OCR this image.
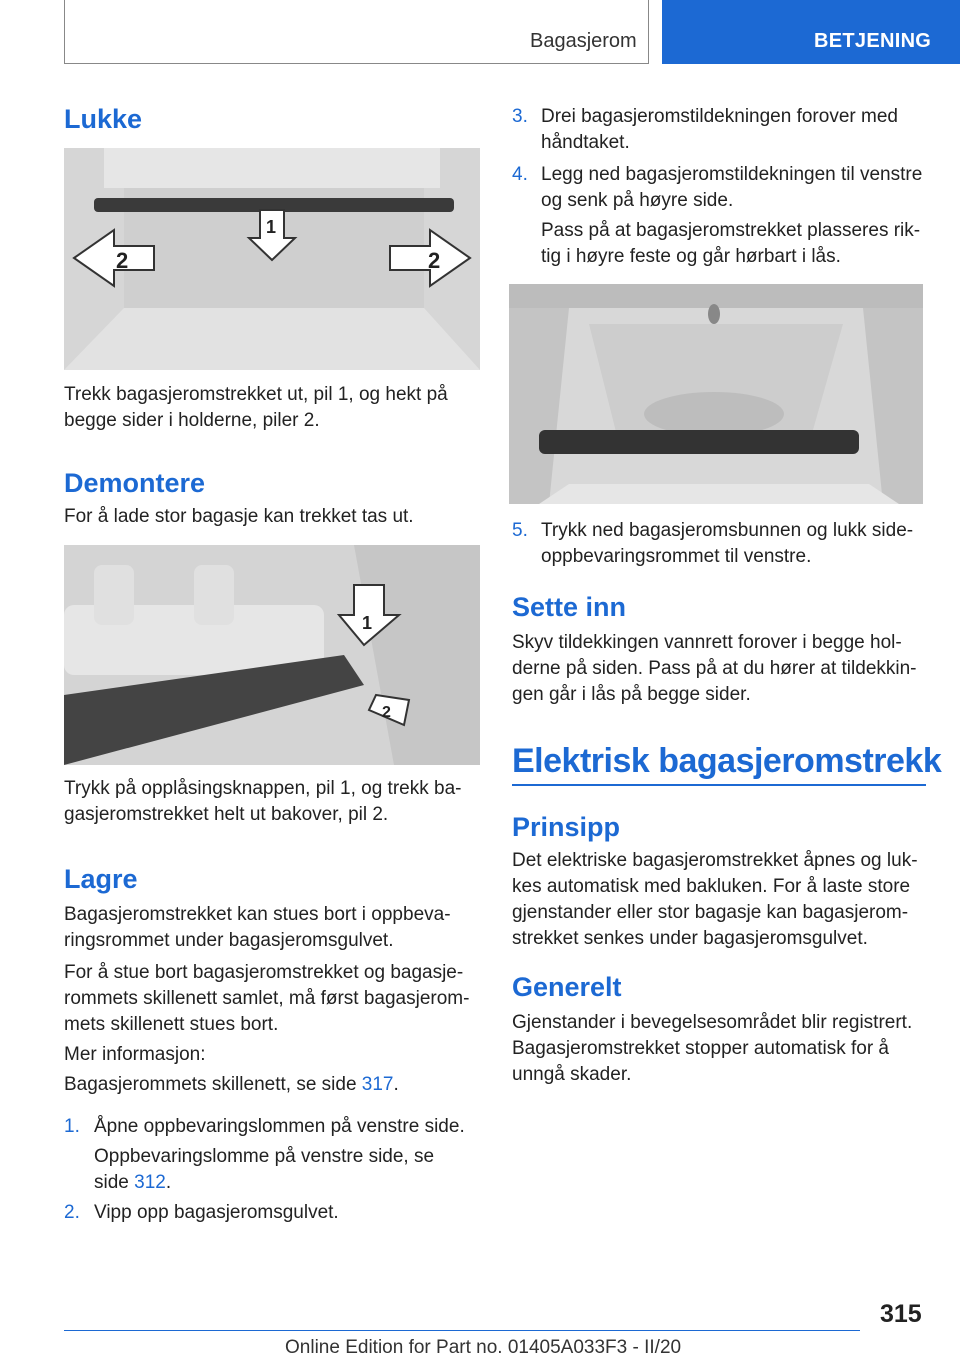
Bagasjerom	BETJENING
Lukke
2
1
2
Trekk bagasjeromstrekket ut, pil 1, og hekt på
begge sider i holderne, piler 2.
Demontere
For å lade stor bagasje kan trekket tas ut.
1
2
Trykk på opplåsingsknappen, pil 1, og trekk ba‐
gasjeromstrekket helt ut bakover, pil 2.
Lagre
Bagasjeromstrekket kan stues bort i oppbeva‐
ringsrommet under bagasjeromsgulvet.
For å stue bort bagasjeromstrekket og bagasje‐
rommets skillenett samlet, må først bagasjerom‐
mets skillenett stues bort.
Mer informasjon:
Bagasjerommets skillenett, se side 317.
1. Åpne oppbevaringslommen på venstre side.
Oppbevaringslomme på venstre side, se
side 312.
2. Vipp opp bagasjeromsgulvet.
3. Drei bagasjeromstildekningen forover med
håndtaket.
4. Legg ned bagasjeromstildekningen til venstre
og senk på høyre side.
Pass på at bagasjeromstrekket plasseres rik‐
tig i høyre feste og går hørbart i lås.
5. Trykk ned bagasjeromsbunnen og lukk side‐
oppbevaringsrommet til venstre.
Sette inn
Skyv tildekkingen vannrett forover i begge hol‐
derne på siden. Pass på at du hører at tildekkin‐
gen går i lås på begge sider.
Elektrisk bagasjeromstrekk
Prinsipp
Det elektriske bagasjeromstrekket åpnes og luk‐
kes automatisk med bakluken. For å laste store
gjenstander eller stor bagasje kan bagasjerom‐
strekket senkes under bagasjeromsgulvet.
Generelt
Gjenstander i bevegelsesområdet blir registrert.
Bagasjeromstrekket stopper automatisk for å
unngå skader.
315
Online Edition for Part no. 01405A033F3 - II/20
